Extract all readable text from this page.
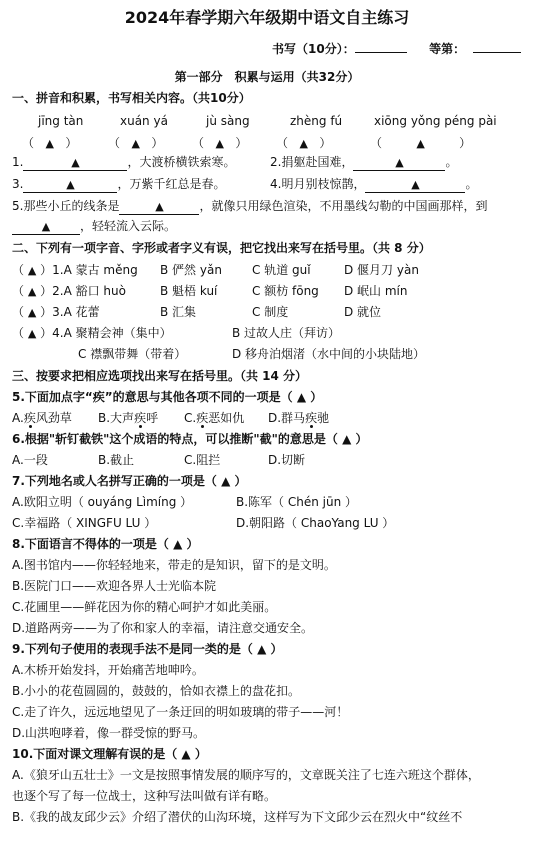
2024年春学期六年级期中语文自主练习
书写（10分）：	等第：
第一部分　积累与运用（共32分）
一、拼音和积累，书写相关内容。（共10分）
jīng tàn	xuán yá	jù sàng	zhèng fú	xiōng yǒng péng pài
（   ▲   ）	（   ▲   ） （   ▲   ） （   ▲   ）	（         ▲         ）
1.	▲	，大渡桥横铁索寒。	2.捐躯赴国难，	▲	。
3.	▲	，万紫千红总是春。	4.明月别枝惊鹊，	▲	。
5.那些小丘的线条是	▲	，就像只用绿色渲染，不用墨线勾勒的中国画那样，到
▲ ，轻轻流入云际。
二、下列有一项字音、字形或者字义有误，把它找出来写在括号里。（共 8 分）
（ ▲ ）1.A 蒙古 měng B 俨然 yǎn	C 轨道 guǐ	D 偃月刀 yàn
（ ▲ ）2.A 豁口 huò	B 魁梧 kuí	C 额枋 fōng D 岷山 mín
（ ▲ ）3.A 花蕾	B 汇集	C 制度	D 就位
（ ▲ ）4.A 聚精会神（集中）	B 过故人庄（拜访）
C 襟飘带舞（带着）	D 移舟泊烟渚（水中间的小块陆地）
三、按要求把相应选项找出来写在括号里。（共 14 分）
5.下面加点字“疾”的意思与其他各项不同的一项是（ ▲ ）
A.疾风劲草 B.大声疾呼 C.疾恶如仇 D.群马疾驰
6.根据"斩钉截铁"这个成语的特点，可以推断"截"的意思是（ ▲ ）
A.一段	B.截止	C.阻拦	D.切断
7.下列地名或人名拼写正确的一项是（ ▲ ）
A.欧阳立明（ ouyáng Lìmíng ）	B.陈军（ Chén jūn ）
C.幸福路（ XINGFU LU ）	D.朝阳路（ ChaoYang LU ）
8.下面语言不得体的一项是（ ▲ ）
A.图书馆内——你轻轻地来，带走的是知识，留下的是文明。
B.医院门口——欢迎各界人士光临本院
C.花圃里——鲜花因为你的精心呵护才如此美丽。
D.道路两旁——为了你和家人的幸福，请注意交通安全。
9.下列句子使用的表现手法不是同一类的是（ ▲ ）
A.木桥开始发抖，开始痛苦地呻吟。
B.小小的花苞圆圆的，鼓鼓的，恰如衣襟上的盘花扣。
C.走了许久，远远地望见了一条迂回的明如玻璃的带子——河！
D.山洪咆哮着，像一群受惊的野马。
10.下面对课文理解有误的是（ ▲ ）
A.《狼牙山五壮士》一文是按照事情发展的顺序写的，文章既关注了七连六班这个群体，
也逐个写了每一位战士，这种写法叫做有详有略。
B.《我的战友邱少云》介绍了潜伏的山沟环境，这样写为下文邱少云在烈火中“纹丝不
